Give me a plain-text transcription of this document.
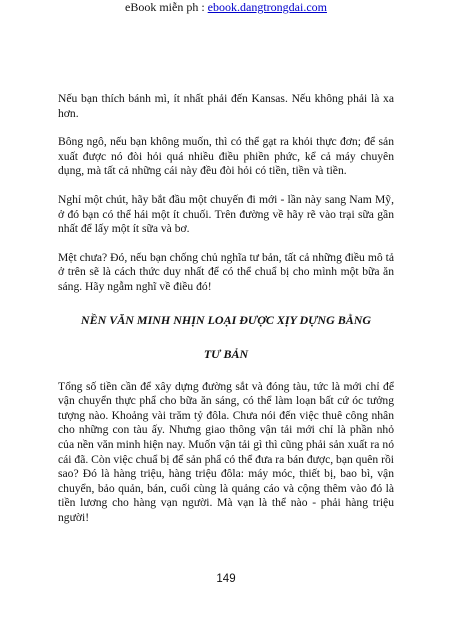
eBook miễn ph : ebook.dangtrongdai.com

Nếu bạn thích bánh mì, ít nhất phải đến Kansas. Nếu không phải là xa hơn.

Bông ngô, nếu bạn không muốn, thì có thể gạt ra khỏi thực đơn; để sản xuất được nó đòi hỏi quá nhiều điều phiền phức, kể cả máy chuyên dụng, mà tất cả những cái này đều đòi hỏi có tiền, tiền và tiền.

Nghỉ một chút, hãy bắt đầu một chuyến đi mới - lần này sang Nam Mỹ, ở đó bạn có thể hái một ít chuối. Trên đường về hãy rẽ vào trại sữa gần nhất để lấy một ít sữa và bơ.

Mệt chưa? Đó, nếu bạn chống chủ nghĩa tư bản, tất cả những điều mô tả ở trên sẽ là cách thức duy nhất để có thể chuẩ bị cho mình một bữa ăn sáng. Hãy ngẫm nghĩ về điều đó!

NỀN VĂN MINH NHỊN LOẠI ĐƯỢC XỊY DỰNG BẰNG
TƯ BẢN

Tổng số tiền cần để xây dựng đường sắt và đóng tàu, tức là mới chỉ để vận chuyển thực phẩ cho bữa ăn sáng, có thể làm loạn bất cứ óc tưởng tượng nào. Khoảng vài trăm tỷ đôla. Chưa nói đến việc thuê công nhân cho những con tàu ấy. Nhưng giao thông vận tải mới chỉ là phần nhỏ của nền văn minh hiện nay. Muốn vận tải gì thì cũng phải sản xuất ra nó cái đã. Còn việc chuẩ bị để sản phẩ có thể đưa ra bán được, bạn quên rồi sao? Đó là hàng triệu, hàng triệu đôla: máy móc, thiết bị, bao bì, vận chuyển, bảo quản, bán, cuối cùng là quảng cáo và cộng thêm vào đó là tiền lương cho hàng vạn người. Mà vạn là thể nào - phải hàng triệu người!

149
